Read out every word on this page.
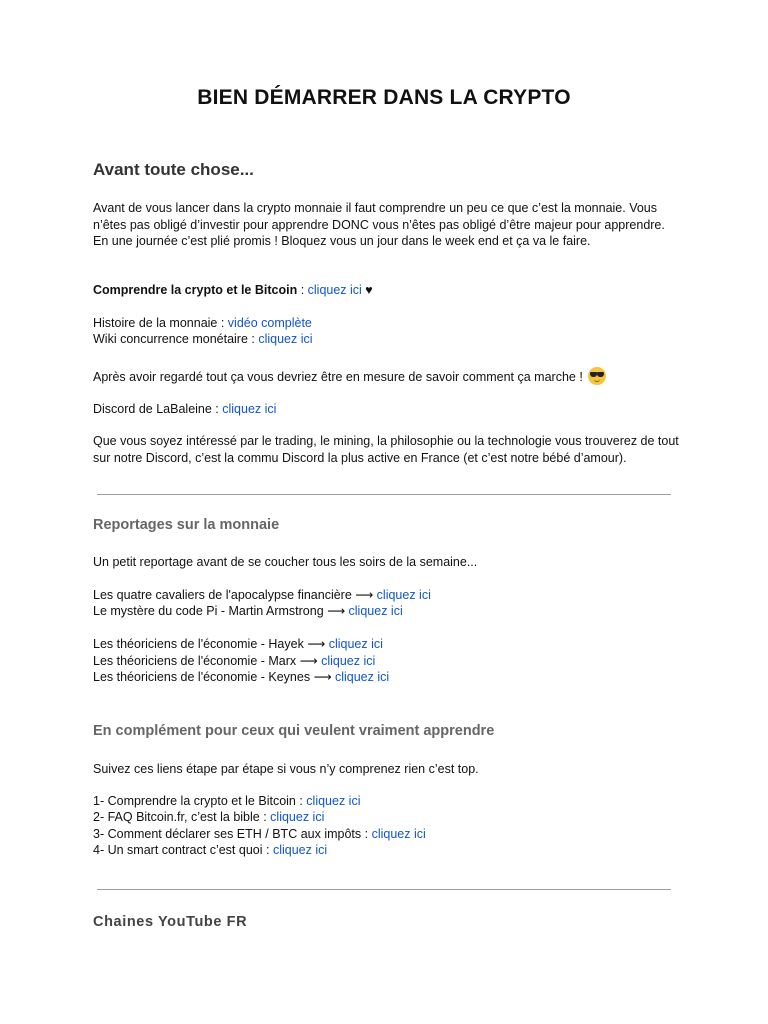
BIEN DÉMARRER DANS LA CRYPTO
Avant toute chose...

Avant de vous lancer dans la crypto monnaie il faut comprendre un peu ce que c’est la monnaie. Vous n’êtes pas obligé d’investir pour apprendre DONC vous n’êtes pas obligé d’être majeur pour apprendre. En une journée c’est plié promis ! Bloquez vous un jour dans le week end et ça va le faire.

Comprendre la crypto et le Bitcoin : cliquez ici ♥
Histoire de la monnaie : vidéo complète
Wiki concurrence monétaire : cliquez ici
Après avoir regardé tout ça vous devriez être en mesure de savoir comment ça marche !
Discord de LaBaleine : cliquez ici

Que vous soyez intéressé par le trading, le mining, la philosophie ou la technologie vous trouverez de tout sur notre Discord, c’est la commu Discord la plus active en France (et c’est notre bébé d’amour).

Reportages sur la monnaie

Un petit reportage avant de se coucher tous les soirs de la semaine...

Les quatre cavaliers de l'apocalypse financière ⟶ cliquez ici
Le mystère du code Pi - Martin Armstrong ⟶ cliquez ici
Les théoriciens de l'économie - Hayek ⟶ cliquez ici
Les théoriciens de l'économie - Marx ⟶ cliquez ici
Les théoriciens de l'économie - Keynes ⟶ cliquez ici
En complément pour ceux qui veulent vraiment apprendre

Suivez ces liens étape par étape si vous n’y comprenez rien c’est top.

1- Comprendre la crypto et le Bitcoin : cliquez ici
2- FAQ Bitcoin.fr, c’est la bible : cliquez ici
3- Comment déclarer ses ETH / BTC aux impôts : cliquez ici
4- Un smart contract c’est quoi : cliquez ici
Chaines YouTube FR
